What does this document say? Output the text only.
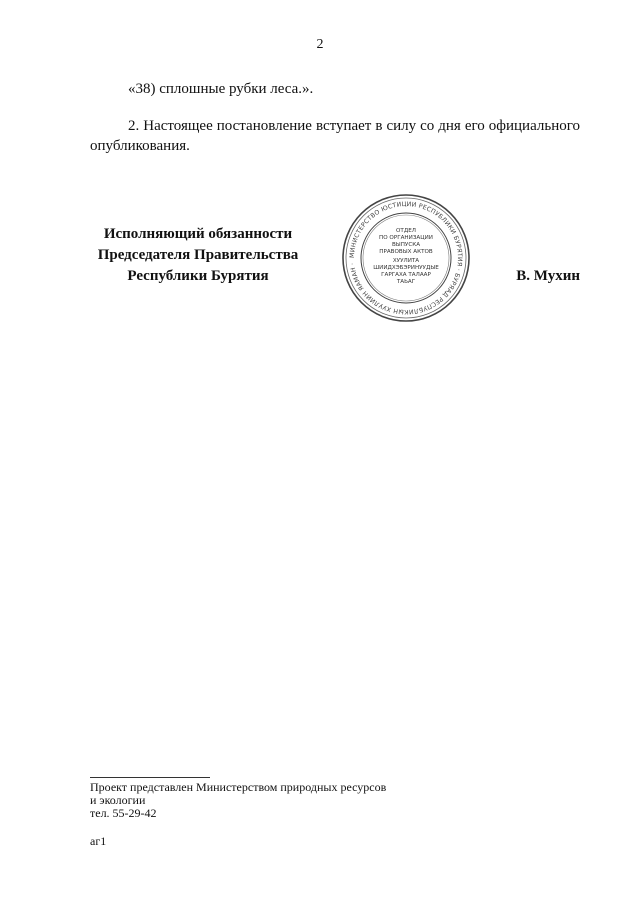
2
«38) сплошные рубки леса.».
2. Настоящее постановление вступает в силу со дня его официального опубликования.
Исполняющий обязанности
Председателя Правительства
Республики Бурятия
МИНИСТЕРСТВО ЮСТИЦИИ РЕСПУБЛИКИ БУРЯТИЯ · БУРЯАД РЕСПУБЛИКЫН ХУУЛИИН ЯАМАН ·
ОТДЕЛ
ПО ОРГАНИЗАЦИИ
ВЫПУСКА
ПРАВОВЫХ АКТОВ
ХУУЛИТА
ШИИДХЭБЭРИНУУДЫЕ
ГАРГАХА ТАЛААР
ТАЬАГ	В. Мухин
Проект представлен Министерством природных ресурсов
и экологии
тел. 55-29-42
аг1
